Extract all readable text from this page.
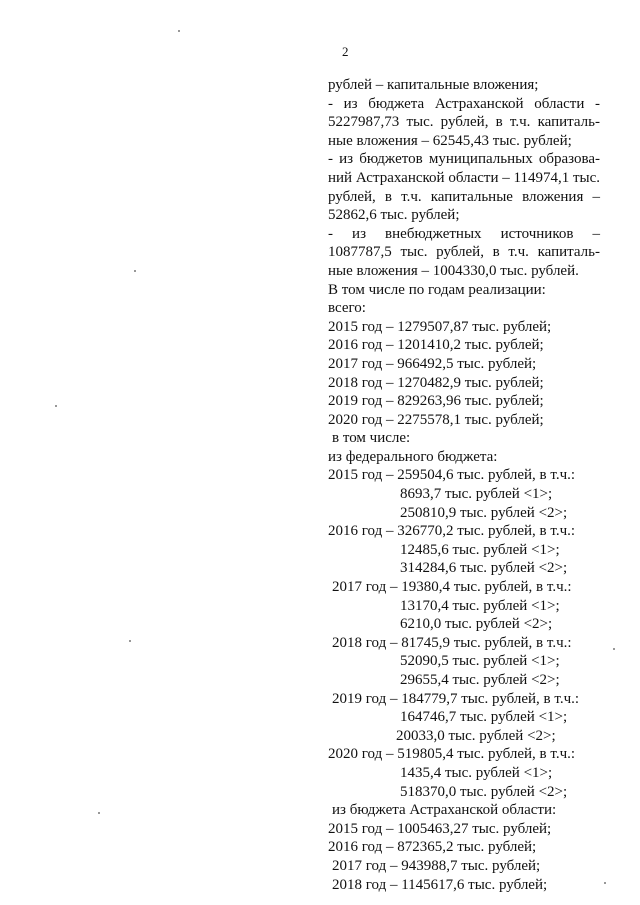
2
рублей – капитальные вложения;
- из бюджета Астраханской области -
5227987,73 тыс. рублей, в т.ч. капиталь-
ные вложения – 62545,43 тыс. рублей;
- из бюджетов муниципальных образова-
ний Астраханской области – 114974,1 тыс.
рублей, в т.ч. капитальные вложения –
52862,6 тыс. рублей;
- из внебюджетных источников –
1087787,5 тыс. рублей, в т.ч. капиталь-
ные вложения – 1004330,0 тыс. рублей.
В том числе по годам реализации:
всего:
2015 год – 1279507,87 тыс. рублей;
2016 год – 1201410,2 тыс. рублей;
2017 год – 966492,5 тыс. рублей;
2018 год – 1270482,9 тыс. рублей;
2019 год – 829263,96 тыс. рублей;
2020 год – 2275578,1 тыс. рублей;
в том числе:
из федерального бюджета:
2015 год – 259504,6 тыс. рублей, в т.ч.:
8693,7 тыс. рублей <1>;
250810,9 тыс. рублей <2>;
2016 год – 326770,2 тыс. рублей, в т.ч.:
12485,6 тыс. рублей <1>;
314284,6 тыс. рублей <2>;
2017 год – 19380,4 тыс. рублей, в т.ч.:
13170,4 тыс. рублей <1>;
6210,0 тыс. рублей <2>;
2018 год – 81745,9 тыс. рублей, в т.ч.:
52090,5 тыс. рублей <1>;
29655,4 тыс. рублей <2>;
2019 год – 184779,7 тыс. рублей, в т.ч.:
164746,7 тыс. рублей <1>;
20033,0 тыс. рублей <2>;
2020 год – 519805,4 тыс. рублей, в т.ч.:
1435,4 тыс. рублей <1>;
518370,0 тыс. рублей <2>;
из бюджета Астраханской области:
2015 год – 1005463,27 тыс. рублей;
2016 год – 872365,2 тыс. рублей;
2017 год – 943988,7 тыс. рублей;
2018 год – 1145617,6 тыс. рублей;
